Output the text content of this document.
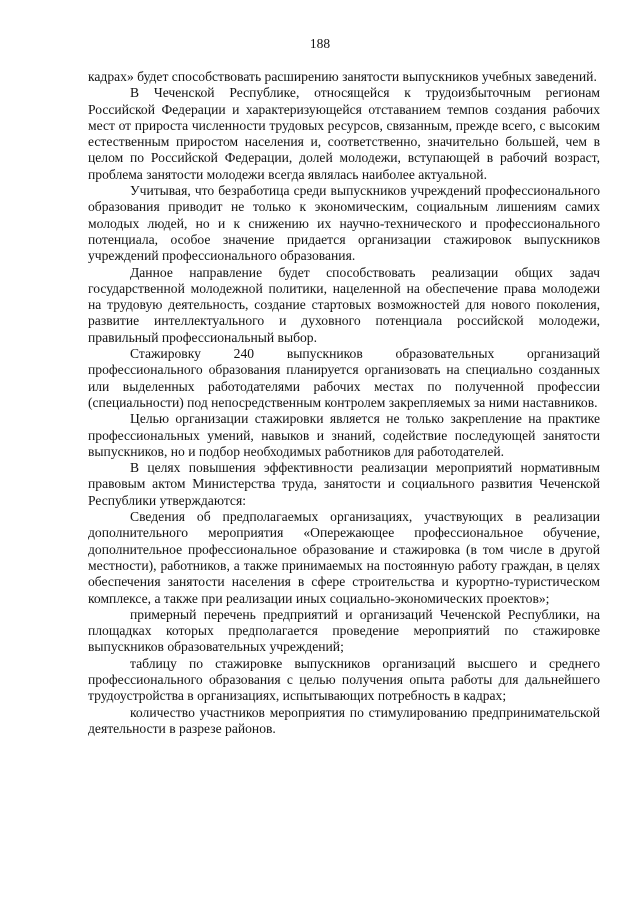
188

кадрах» будет способствовать расширению занятости выпускников учебных заведений.

В Чеченской Республике, относящейся к трудоизбыточным регионам Российской Федерации и характеризующейся отставанием темпов создания рабочих мест от прироста численности трудовых ресурсов, связанным, прежде всего, с высоким естественным приростом населения и, соответственно, значительно большей, чем в целом по Российской Федерации, долей молодежи, вступающей в рабочий возраст, проблема занятости молодежи всегда являлась наиболее актуальной.

Учитывая, что безработица среди выпускников учреждений профессионального образования приводит не только к экономическим, социальным лишениям самих молодых людей, но и к снижению их научно-технического и профессионального потенциала, особое значение придается организации стажировок выпускников учреждений профессионального образования.

Данное направление будет способствовать реализации общих задач государственной молодежной политики, нацеленной на обеспечение права молодежи на трудовую деятельность, создание стартовых возможностей для нового поколения, развитие интеллектуального и духовного потенциала российской молодежи, правильный профессиональный выбор.

Стажировку 240 выпускников образовательных организаций профессионального образования планируется организовать на специально созданных или выделенных работодателями рабочих местах по полученной профессии (специальности) под непосредственным контролем закрепляемых за ними наставников.

Целью организации стажировки является не только закрепление на практике профессиональных умений, навыков и знаний, содействие последующей занятости выпускников, но и подбор необходимых работников для работодателей.

В целях повышения эффективности реализации мероприятий нормативным правовым актом Министерства труда, занятости и социального развития Чеченской Республики утверждаются:

Сведения об предполагаемых организациях, участвующих в реализации дополнительного мероприятия «Опережающее профессиональное обучение, дополнительное профессиональное образование и стажировка (в том числе в другой местности), работников, а также принимаемых на постоянную работу граждан, в целях обеспечения занятости населения в сфере строительства и курортно-туристическом комплексе, а также при реализации иных социально-экономических проектов»;

примерный перечень предприятий и организаций Чеченской Республики, на площадках которых предполагается проведение мероприятий по стажировке выпускников образовательных учреждений;

таблицу по стажировке выпускников организаций высшего и среднего профессионального образования с целью получения опыта работы для дальнейшего трудоустройства в организациях, испытывающих потребность в кадрах;

количество участников мероприятия по стимулированию предпринимательской деятельности в разрезе районов.
